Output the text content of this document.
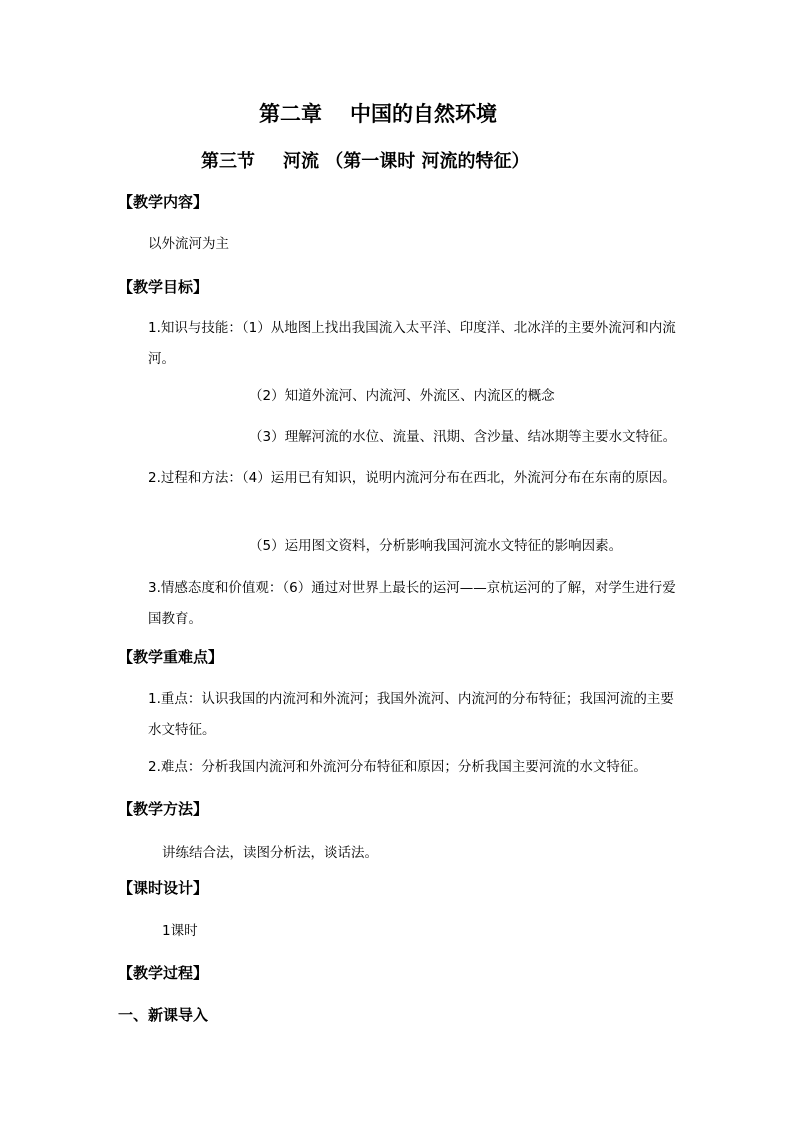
第二章 中国的自然环境
第三节 河流 （第一课时 河流的特征）
【教学内容】
以外流河为主
【教学目标】
1.知识与技能：（1）从地图上找出我国流入太平洋、印度洋、北冰洋的主要外流河和内流河。
（2）知道外流河、内流河、外流区、内流区的概念
（3）理解河流的水位、流量、汛期、含沙量、结冰期等主要水文特征。
2.过程和方法：（4）运用已有知识，说明内流河分布在西北，外流河分布在东南的原因。
（5）运用图文资料，分析影响我国河流水文特征的影响因素。
3.情感态度和价值观：（6）通过对世界上最长的运河——京杭运河的了解，对学生进行爱国教育。
【教学重难点】
1.重点：认识我国的内流河和外流河；我国外流河、内流河的分布特征；我国河流的主要水文特征。
2.难点：分析我国内流河和外流河分布特征和原因；分析我国主要河流的水文特征。
【教学方法】
讲练结合法，读图分析法，谈话法。
【课时设计】
1课时
【教学过程】
一、新课导入
